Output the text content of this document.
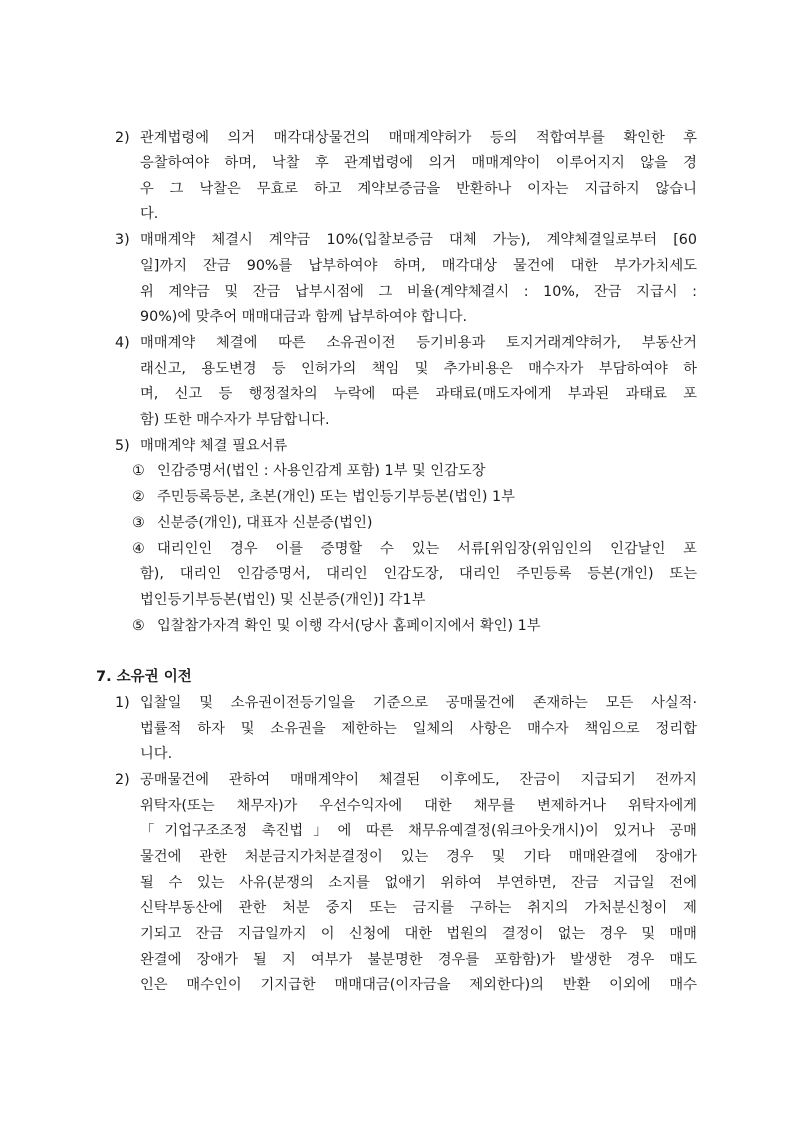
2) 관계법령에 의거 매각대상물건의 매매계약허가 등의 적합여부를 확인한 후
응찰하여야 하며, 낙찰 후 관계법령에 의거 매매계약이 이루어지지 않을 경
우 그 낙찰은 무효로 하고 계약보증금을 반환하나 이자는 지급하지 않습니
다.
3) 매매계약 체결시 계약금 10%(입찰보증금 대체 가능), 계약체결일로부터 [60
일]까지 잔금 90%를 납부하여야 하며, 매각대상 물건에 대한 부가가치세도
위 계약금 및 잔금 납부시점에 그 비율(계약체결시 : 10%, 잔금 지급시 :
90%)에 맞추어 매매대금과 함께 납부하여야 합니다.
4) 매매계약 체결에 따른 소유권이전 등기비용과 토지거래계약허가, 부동산거
래신고, 용도변경 등 인허가의 책임 및 추가비용은 매수자가 부담하여야 하
며, 신고 등 행정절차의 누락에 따른 과태료(매도자에게 부과된 과태료 포
함) 또한 매수자가 부담합니다.
5) 매매계약 체결 필요서류
① 인감증명서(법인 : 사용인감계 포함) 1부 및 인감도장
② 주민등록등본, 초본(개인) 또는 법인등기부등본(법인) 1부
③ 신분증(개인), 대표자 신분증(법인)
④ 대리인인 경우 이를 증명할 수 있는 서류[위임장(위임인의 인감날인 포
함), 대리인 인감증명서, 대리인 인감도장, 대리인 주민등록 등본(개인) 또는
법인등기부등본(법인) 및 신분증(개인)] 각1부
⑤ 입찰참가자격 확인 및 이행 각서(당사 홈페이지에서 확인) 1부
7. 소유권 이전
1) 입찰일 및 소유권이전등기일을 기준으로 공매물건에 존재하는 모든 사실적·
법률적 하자 및 소유권을 제한하는 일체의 사항은 매수자 책임으로 정리합
니다.
2) 공매물건에 관하여 매매계약이 체결된 이후에도, 잔금이 지급되기 전까지
위탁자(또는 채무자)가 우선수익자에 대한 채무를 변제하거나 위탁자에게
「기업구조조정 촉진법」에 따른 채무유예결정(워크아웃개시)이 있거나 공매
물건에 관한 처분금지가처분결정이 있는 경우 및 기타 매매완결에 장애가
될 수 있는 사유(분쟁의 소지를 없애기 위하여 부연하면, 잔금 지급일 전에
신탁부동산에 관한 처분 중지 또는 금지를 구하는 취지의 가처분신청이 제
기되고 잔금 지급일까지 이 신청에 대한 법원의 결정이 없는 경우 및 매매
완결에 장애가 될 지 여부가 불분명한 경우를 포함함)가 발생한 경우 매도
인은 매수인이 기지급한 매매대금(이자금을 제외한다)의 반환 이외에 매수
